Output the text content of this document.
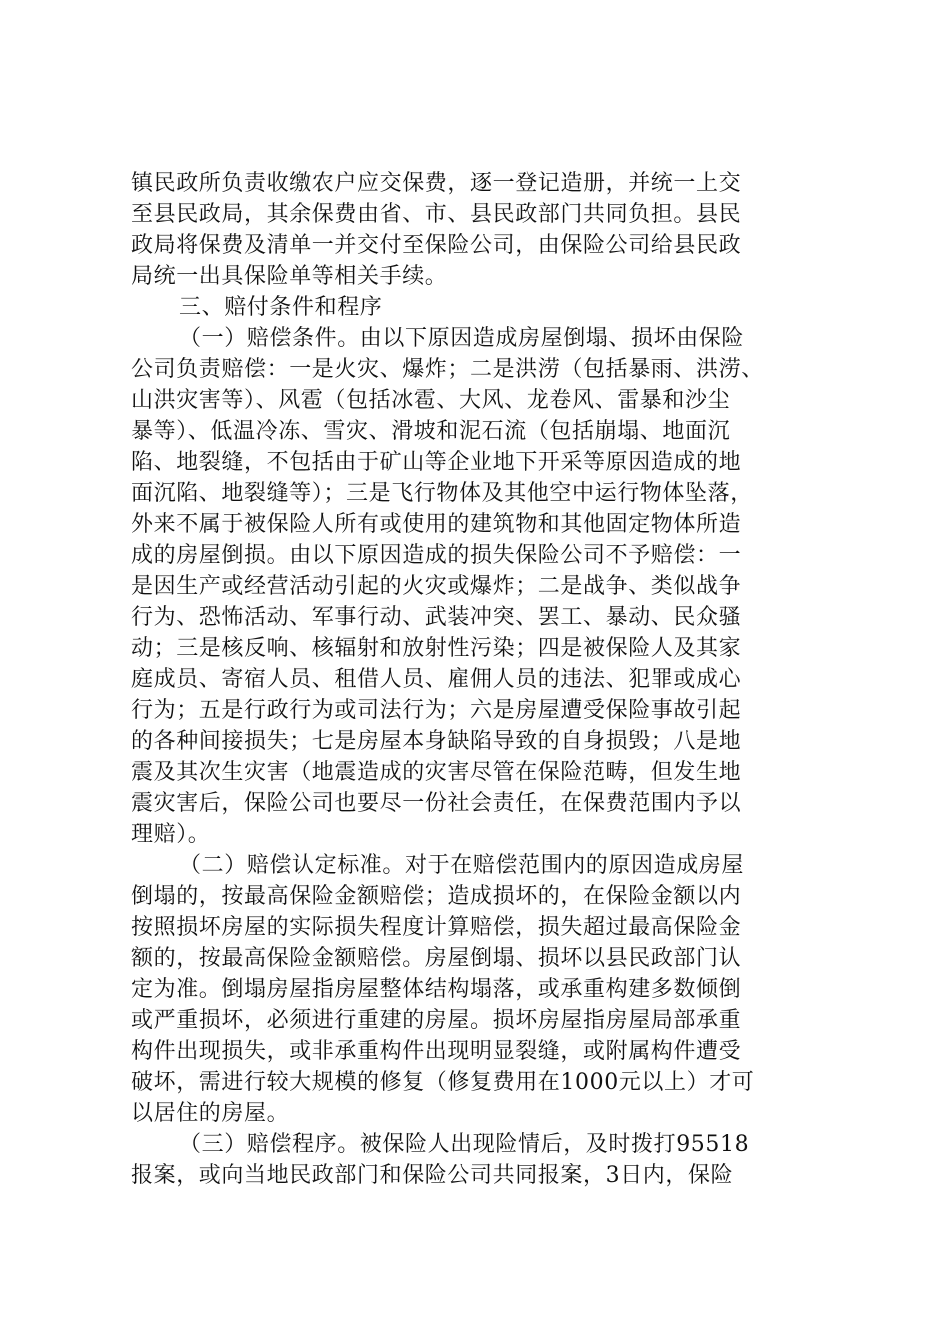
镇民政所负责收缴农户应交保费，逐一登记造册，并统一上交
至县民政局，其余保费由省、市、县民政部门共同负担。县民
政局将保费及清单一并交付至保险公司，由保险公司给县民政
局统一出具保险单等相关手续。
三、赔付条件和程序
（一）赔偿条件。由以下原因造成房屋倒塌、损坏由保险
公司负责赔偿：一是火灾、爆炸；二是洪涝（包括暴雨、洪涝、
山洪灾害等）、风雹（包括冰雹、大风、龙卷风、雷暴和沙尘
暴等）、低温冷冻、雪灾、滑坡和泥石流（包括崩塌、地面沉
陷、地裂缝，不包括由于矿山等企业地下开采等原因造成的地
面沉陷、地裂缝等）；三是飞行物体及其他空中运行物体坠落，
外来不属于被保险人所有或使用的建筑物和其他固定物体所造
成的房屋倒损。由以下原因造成的损失保险公司不予赔偿：一
是因生产或经营活动引起的火灾或爆炸；二是战争、类似战争
行为、恐怖活动、军事行动、武装冲突、罢工、暴动、民众骚
动；三是核反响、核辐射和放射性污染；四是被保险人及其家
庭成员、寄宿人员、租借人员、雇佣人员的违法、犯罪或成心
行为；五是行政行为或司法行为；六是房屋遭受保险事故引起
的各种间接损失；七是房屋本身缺陷导致的自身损毁；八是地
震及其次生灾害（地震造成的灾害尽管在保险范畴，但发生地
震灾害后，保险公司也要尽一份社会责任，在保费范围内予以
理赔）。
（二）赔偿认定标准。对于在赔偿范围内的原因造成房屋
倒塌的，按最高保险金额赔偿；造成损坏的，在保险金额以内
按照损坏房屋的实际损失程度计算赔偿，损失超过最高保险金
额的，按最高保险金额赔偿。房屋倒塌、损坏以县民政部门认
定为准。倒塌房屋指房屋整体结构塌落，或承重构建多数倾倒
或严重损坏，必须进行重建的房屋。损坏房屋指房屋局部承重
构件出现损失，或非承重构件出现明显裂缝，或附属构件遭受
破坏，需进行较大规模的修复（修复费用在1000元以上）才可
以居住的房屋。
（三）赔偿程序。被保险人出现险情后，及时拨打95518
报案，或向当地民政部门和保险公司共同报案，3日内，保险
